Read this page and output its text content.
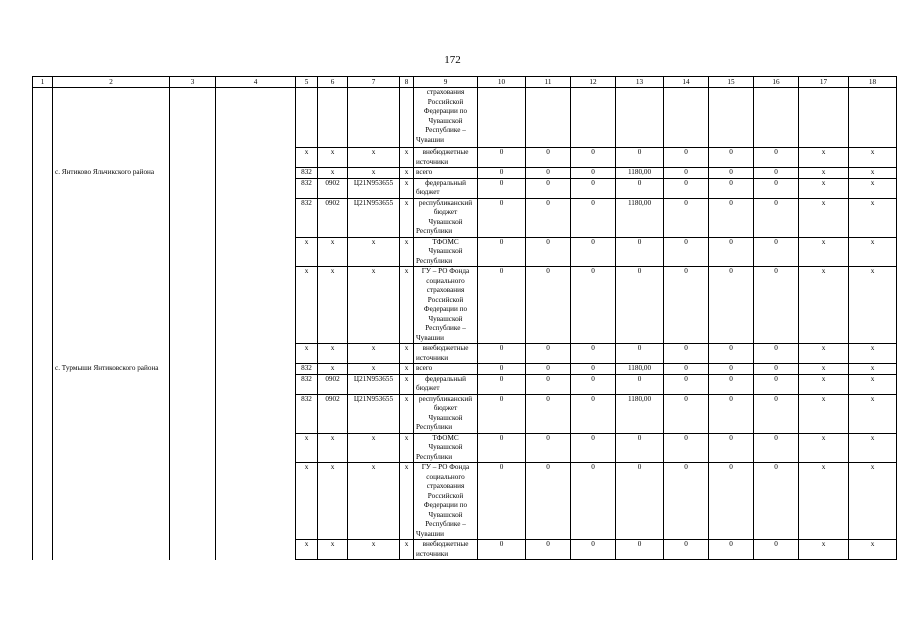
172
1	2	3	4	5	6	7	8	9	10	11	12	13	14	15	16	17	18
								страхования Российской Федерации по Чувашской Республике – Чувашии									
				x	x	x	x	внебюджетные источники	0	0	0	0	0	0	0	x	x
	с. Янтиково Яльчикского района			832	x	x	x	всего	0	0	0	1180,00	0	0	0	x	x
				832	0902	Ц21N953655	x	федеральный бюджет	0	0	0	0	0	0	0	x	x
				832	0902	Ц21N953655	x	республиканский бюджет Чувашской Республики	0	0	0	1180,00	0	0	0	x	x
				x	x	x	x	ТФОМС Чувашской Республики	0	0	0	0	0	0	0	x	x
				x	x	x	x	ГУ – РО Фонда социального страхования Российской Федерации по Чувашской Республике – Чувашии	0	0	0	0	0	0	0	x	x
				x	x	x	x	внебюджетные источники	0	0	0	0	0	0	0	x	x
	с. Турмыши Янтиковского района			832	x	x	x	всего	0	0	0	1180,00	0	0	0	x	x
				832	0902	Ц21N953655	x	федеральный бюджет	0	0	0	0	0	0	0	x	x
				832	0902	Ц21N953655	x	республиканский бюджет Чувашской Республики	0	0	0	1180,00	0	0	0	x	x
				x	x	x	x	ТФОМС Чувашской Республики	0	0	0	0	0	0	0	x	x
				x	x	x	x	ГУ – РО Фонда социального страхования Российской Федерации по Чувашской Республике – Чувашии	0	0	0	0	0	0	0	x	x
				x	x	x	x	внебюджетные источники	0	0	0	0	0	0	0	x	x
